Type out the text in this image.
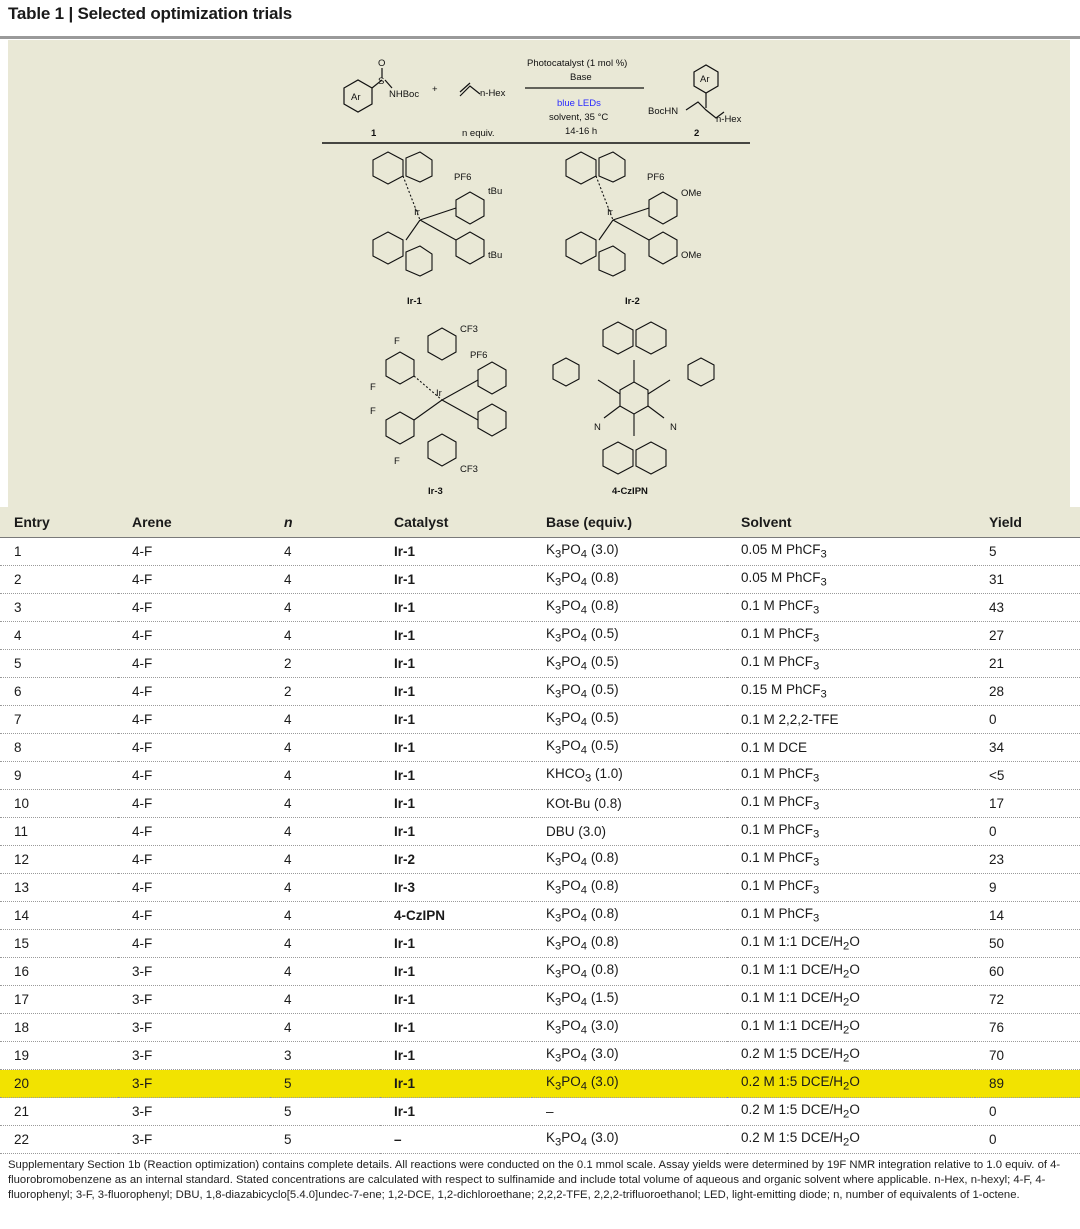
Table 1 | Selected optimization trials
Photocatalyst (1 mol %)
Base
blue LEDs
solvent, 35 °C
14-16 h
Ar
O
S
NHBoc +	n-Hex
1	n equiv.
Ar
BocHN
n-Hex
2
Ir
PF6
tBu
tBu
Ir-1
Ir
PF6
OMe
OMe
Ir-2
Ir
PF6
CF3
CF3
F
F
F
F
Ir-3
N	N
4-CzIPN
Entry	Arene	n	Catalyst	Base (equiv.)	Solvent	Yield
1	4-F	4	Ir-1	$K_3PO_4$ (3.0)	0.05 M PhCF$_3$	5
2	4-F	4	Ir-1	$K_3PO_4$ (0.8)	0.05 M PhCF$_3$	31
3	4-F	4	Ir-1	$K_3PO_4$ (0.8)	0.1 M PhCF$_3$	43
4	4-F	4	Ir-1	$K_3PO_4$ (0.5)	0.1 M PhCF$_3$	27
5	4-F	2	Ir-1	$K_3PO_4$ (0.5)	0.1 M PhCF$_3$	21
6	4-F	2	Ir-1	$K_3PO_4$ (0.5)	0.15 M PhCF$_3$	28
7	4-F	4	Ir-1	$K_3PO_4$ (0.5)	0.1 M 2,2,2-TFE	0
8	4-F	4	Ir-1	$K_3PO_4$ (0.5)	0.1 M DCE	34
9	4-F	4	Ir-1	$KHCO_3$ (1.0)	0.1 M PhCF$_3$	<5
10	4-F	4	Ir-1	KOt-Bu (0.8)	0.1 M PhCF$_3$	17
11	4-F	4	Ir-1	DBU (3.0)	0.1 M PhCF$_3$	0
12	4-F	4	Ir-2	$K_3PO_4$ (0.8)	0.1 M PhCF$_3$	23
13	4-F	4	Ir-3	$K_3PO_4$ (0.8)	0.1 M PhCF$_3$	9
14	4-F	4	4-CzIPN	$K_3PO_4$ (0.8)	0.1 M PhCF$_3$	14
15	4-F	4	Ir-1	$K_3PO_4$ (0.8)	0.1 M 1:1 DCE/$H_2O$	50
16	3-F	4	Ir-1	$K_3PO_4$ (0.8)	0.1 M 1:1 DCE/$H_2O$	60
17	3-F	4	Ir-1	$K_3PO_4$ (1.5)	0.1 M 1:1 DCE/$H_2O$	72
18	3-F	4	Ir-1	$K_3PO_4$ (3.0)	0.1 M 1:1 DCE/$H_2O$	76
19	3-F	3	Ir-1	$K_3PO_4$ (3.0)	0.2 M 1:5 DCE/$H_2O$	70
20	3-F	5	Ir-1	$K_3PO_4$ (3.0)	0.2 M 1:5 DCE/$H_2O$	89
21	3-F	5	Ir-1	–	0.2 M 1:5 DCE/$H_2O$	0
22	3-F	5	–	$K_3PO_4$ (3.0)	0.2 M 1:5 DCE/$H_2O$	0
Supplementary Section 1b (Reaction optimization) contains complete details. All reactions were conducted on the 0.1 mmol scale. Assay yields were determined by 19F NMR integration relative to 1.0 equiv. of 4-fluorobromobenzene as an internal standard. Stated concentrations are calculated with respect to sulfinamide and include total volume of aqueous and organic solvent where applicable. n-Hex, n-hexyl; 4-F, 4-fluorophenyl; 3-F, 3-fluorophenyl; DBU, 1,8-diazabicyclo[5.4.0]undec-7-ene; 1,2-DCE, 1,2-dichloroethane; 2,2,2-TFE, 2,2,2-trifluoroethanol; LED, light-emitting diode; n, number of equivalents of 1-octene.
